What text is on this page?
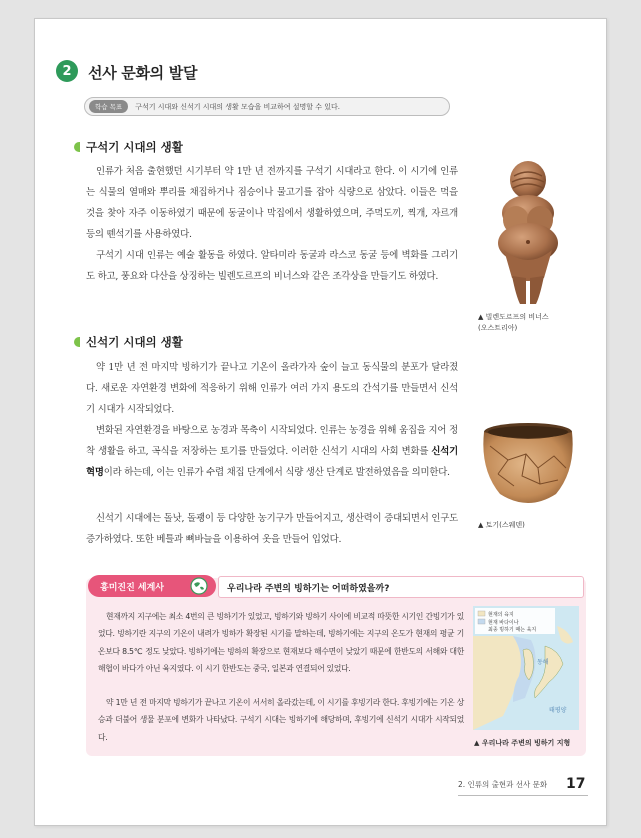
2	선사 문화의 발달
학습 목표	구석기 시대와 신석기 시대의 생활 모습을 비교하여 설명할 수 있다.
구석기 시대의 생활

인류가 처음 출현했던 시기부터 약 1만 년 전까지를 구석기 시대라고 한다. 이 시기에 인류는 식물의 열매와 뿌리를 채집하거나 짐승이나 물고기를 잡아 식량으로 삼았다. 이들은 먹을 것을 찾아 자주 이동하였기 때문에 동굴이나 막집에서 생활하였으며, 주먹도끼, 찍개, 자르개 등의 뗀석기를 사용하였다.

구석기 시대 인류는 예술 활동을 하였다. 알타미라 동굴과 라스코 동굴 등에 벽화를 그리기도 하고, 풍요와 다산을 상징하는 빌렌도르프의 비너스와 같은 조각상을 만들기도 하였다.

▲ 빌렌도르프의 비너스
(오스트리아)
신석기 시대의 생활

약 1만 년 전 마지막 빙하기가 끝나고 기온이 올라가자 숲이 늘고 동식물의 분포가 달라졌다. 새로운 자연환경 변화에 적응하기 위해 인류가 여러 가지 용도의 간석기를 만들면서 신석기 시대가 시작되었다.

변화된 자연환경을 바탕으로 농경과 목축이 시작되었다. 인류는 농경을 위해 움집을 지어 정착 생활을 하고, 곡식을 저장하는 토기를 만들었다. 이러한 신석기 시대의 사회 변화를 신석기 혁명이라 하는데, 이는 인류가 수렵 채집 단계에서 식량 생산 단계로 발전하였음을 의미한다.

신석기 시대에는 돌낫, 돌괭이 등 다양한 농기구가 만들어지고, 생산력이 증대되면서 인구도 증가하였다. 또한 베틀과 뼈바늘을 이용하여 옷을 만들어 입었다.

▲ 토기(스웨덴)
흥미진진 세계사	우리나라 주변의 빙하기는 어떠하였을까?

현재까지 지구에는 최소 4번의 큰 빙하기가 있었고, 빙하기와 빙하기 사이에 비교적 따뜻한 시기인 간빙기가 있었다. 빙하기란 지구의 기온이 내려가 빙하가 확장된 시기를 말하는데, 빙하기에는 지구의 온도가 현재의 평균 기온보다 8.5℃ 정도 낮았다. 빙하기에는 빙하의 확장으로 현재보다 해수면이 낮았기 때문에 한반도의 서해와 대한 해협이 바다가 아닌 육지였다. 이 시기 한반도는 중국, 일본과 연결되어 있었다.

약 1만 년 전 마지막 빙하기가 끝나고 기온이 서서히 올라갔는데, 이 시기를 후빙기라 한다. 후빙기에는 기온 상승과 더불어 생물 분포에 변화가 나타났다. 구석기 시대는 빙하기에 해당하며, 후빙기에 신석기 시대가 시작되었다.

동해
태평양
현재의 육지
현재 바다이나
최종 빙하기 때는 육지
▲ 우리나라 주변의 빙하기 지형
2. 인류의 출현과 선사 문화 17
